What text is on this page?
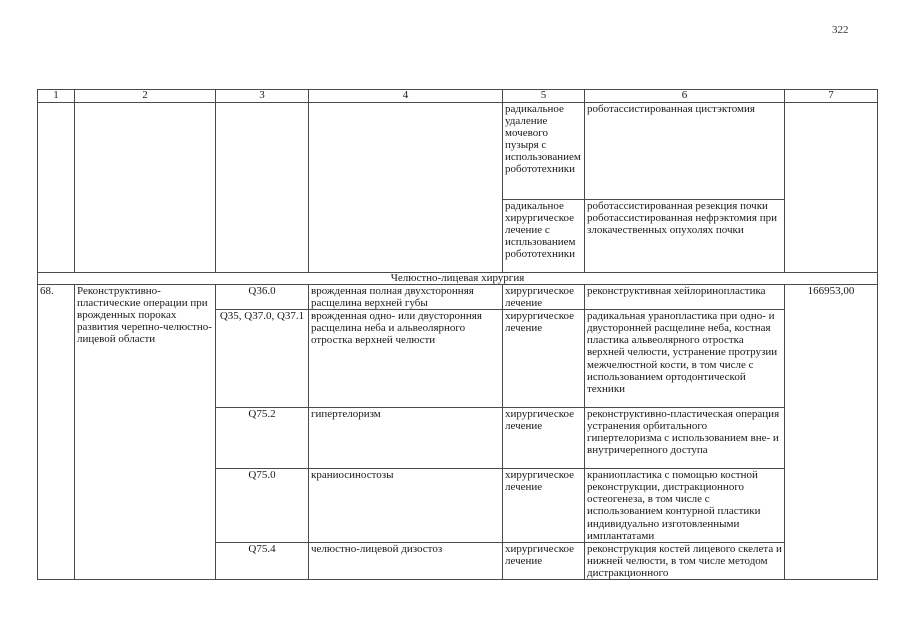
322
1	2	3	4	5	6	7
				радикальное удаление мочевого пузыря с использованием робототехники	роботассистированная цистэктомия	
				радикальное хирургическое лечение с испльзованием робототехники	роботассистированная резекция почки роботассистированная нефрэктомия при злокачественных опухолях почки	
Челюстно-лицевая хирургия						
68.	Реконструктивно-пластические операции при врожденных пороках развития черепно-челюстно-лицевой области	Q36.0	врожденная полная двухсторонняя расщелина верхней губы	хирургическое лечение	реконструктивная хейлоринопластика	166953,00
		Q35, Q37.0, Q37.1	врожденная одно- или двусторонняя расщелина неба и альвеолярного отростка верхней челюсти	хирургическое лечение	радикальная уранопластика при одно- и двусторонней расщелине неба, костная пластика альвеолярного отростка верхней челюсти, устранение протрузии межчелюстной кости, в том числе с использованием ортодонтической техники	
		Q75.2	гипертелоризм	хирургическое лечение	реконструктивно-пластическая операция устранения орбитального гипертелоризма с использованием вне- и внутричерепного доступа	
		Q75.0	краниосиностозы	хирургическое лечение	краниопластика с помощью костной реконструкции, дистракционного остеогенеза, в том числе с использованием контурной пластики индивидуально изготовленными имплантатами	
		Q75.4	челюстно-лицевой дизостоз	хирургическое лечение	реконструкция костей лицевого скелета и нижней челюсти, в том числе методом дистракционного	
